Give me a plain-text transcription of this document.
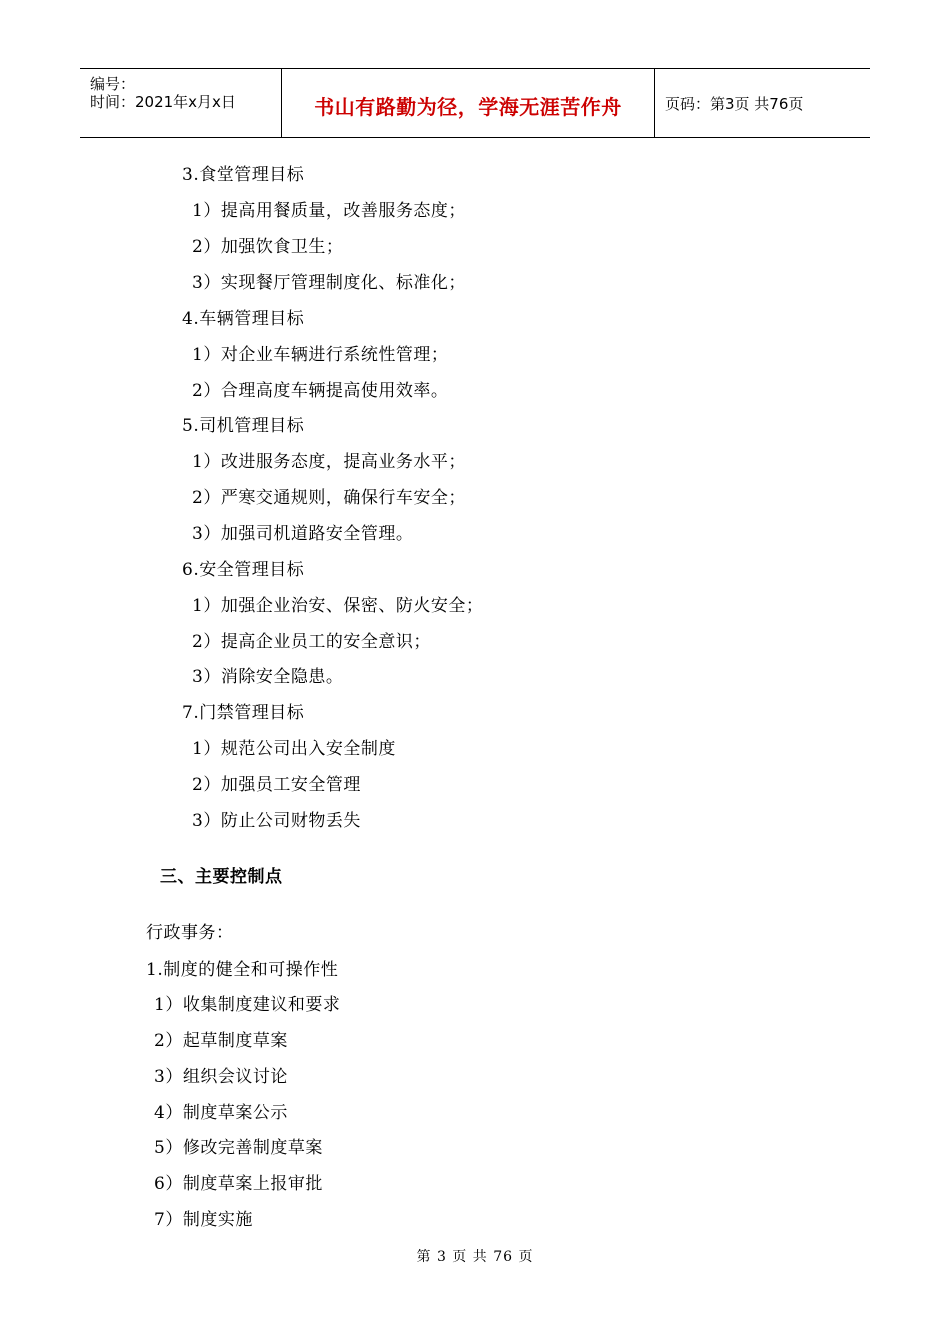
编号：
时间：2021年x月x日	书山有路勤为径，学海无涯苦作舟	页码：第3页 共76页
3.食堂管理目标
1）提高用餐质量，改善服务态度；
2）加强饮食卫生；
3）实现餐厅管理制度化、标准化；
4.车辆管理目标
1）对企业车辆进行系统性管理；
2）合理高度车辆提高使用效率。
5.司机管理目标
1）改进服务态度，提高业务水平；
2）严寒交通规则，确保行车安全；
3）加强司机道路安全管理。
6.安全管理目标
1）加强企业治安、保密、防火安全；
2）提高企业员工的安全意识；
3）消除安全隐患。
7.门禁管理目标
1）规范公司出入安全制度
2）加强员工安全管理
3）防止公司财物丢失
三、主要控制点
行政事务：
1.制度的健全和可操作性
1）收集制度建议和要求
2）起草制度草案
3）组织会议讨论
4）制度草案公示
5）修改完善制度草案
6）制度草案上报审批
7）制度实施
第 3 页 共 76 页
